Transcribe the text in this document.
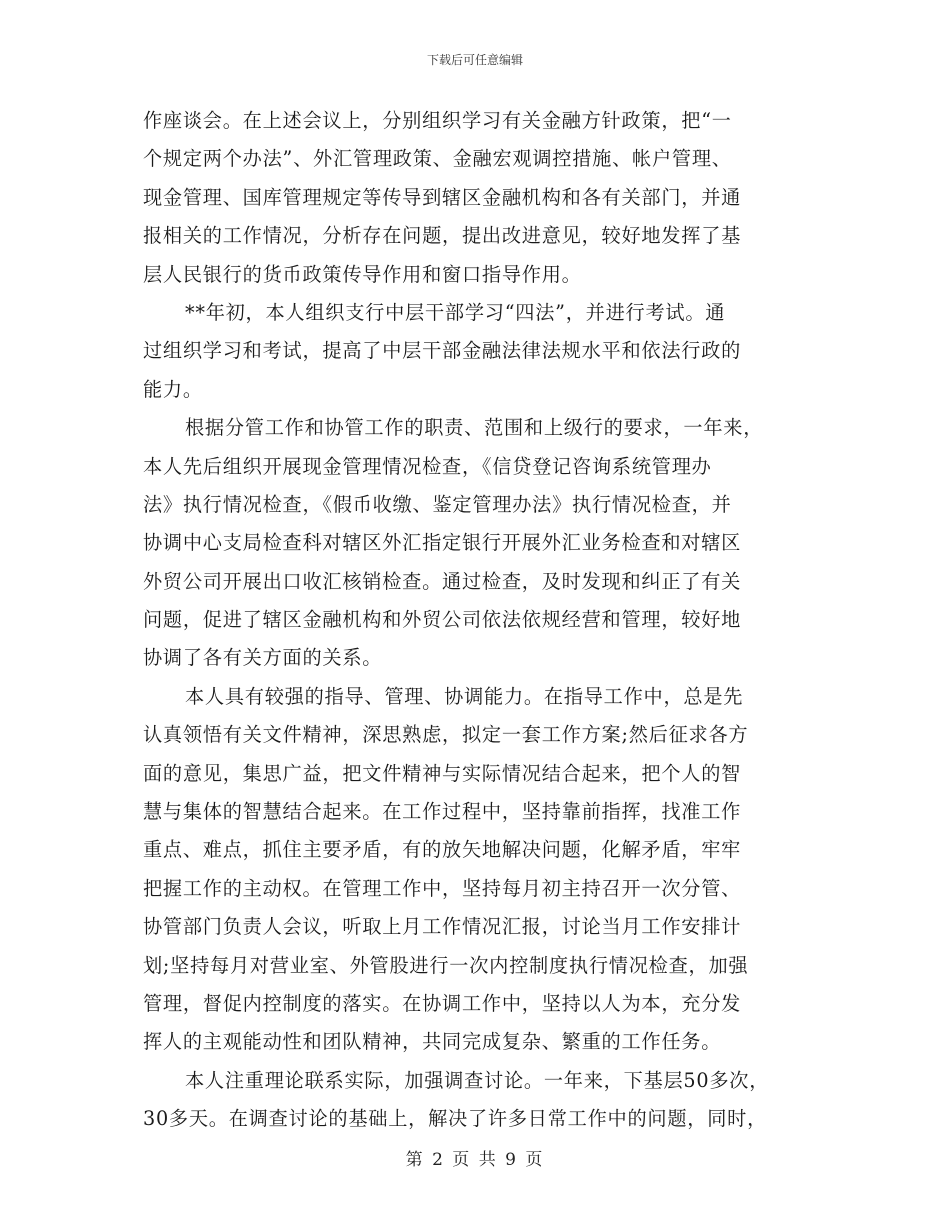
下载后可任意编辑
作座谈会。在上述会议上，分别组织学习有关金融方针政策，把“一
个规定两个办法”、外汇管理政策、金融宏观调控措施、帐户管理、
现金管理、国库管理规定等传导到辖区金融机构和各有关部门，并通
报相关的工作情况，分析存在问题，提出改进意见，较好地发挥了基
层人民银行的货币政策传导作用和窗口指导作用。
**年初，本人组织支行中层干部学习“四法”，并进行考试。通
过组织学习和考试，提高了中层干部金融法律法规水平和依法行政的
能力。
根据分管工作和协管工作的职责、范围和上级行的要求，一年来，
本人先后组织开展现金管理情况检查，《信贷登记咨询系统管理办
法》执行情况检查，《假币收缴、鉴定管理办法》执行情况检查，并
协调中心支局检查科对辖区外汇指定银行开展外汇业务检查和对辖区
外贸公司开展出口收汇核销检查。通过检查，及时发现和纠正了有关
问题，促进了辖区金融机构和外贸公司依法依规经营和管理，较好地
协调了各有关方面的关系。
本人具有较强的指导、管理、协调能力。在指导工作中，总是先
认真领悟有关文件精神，深思熟虑，拟定一套工作方案;然后征求各方
面的意见，集思广益，把文件精神与实际情况结合起来，把个人的智
慧与集体的智慧结合起来。在工作过程中，坚持靠前指挥，找准工作
重点、难点，抓住主要矛盾，有的放矢地解决问题，化解矛盾，牢牢
把握工作的主动权。在管理工作中，坚持每月初主持召开一次分管、
协管部门负责人会议，听取上月工作情况汇报，讨论当月工作安排计
划;坚持每月对营业室、外管股进行一次内控制度执行情况检查，加强
管理，督促内控制度的落实。在协调工作中，坚持以人为本，充分发
挥人的主观能动性和团队精神，共同完成复杂、繁重的工作任务。
本人注重理论联系实际，加强调查讨论。一年来，下基层50多次，
30多天。在调查讨论的基础上，解决了许多日常工作中的问题，同时，
第 2 页 共 9 页
